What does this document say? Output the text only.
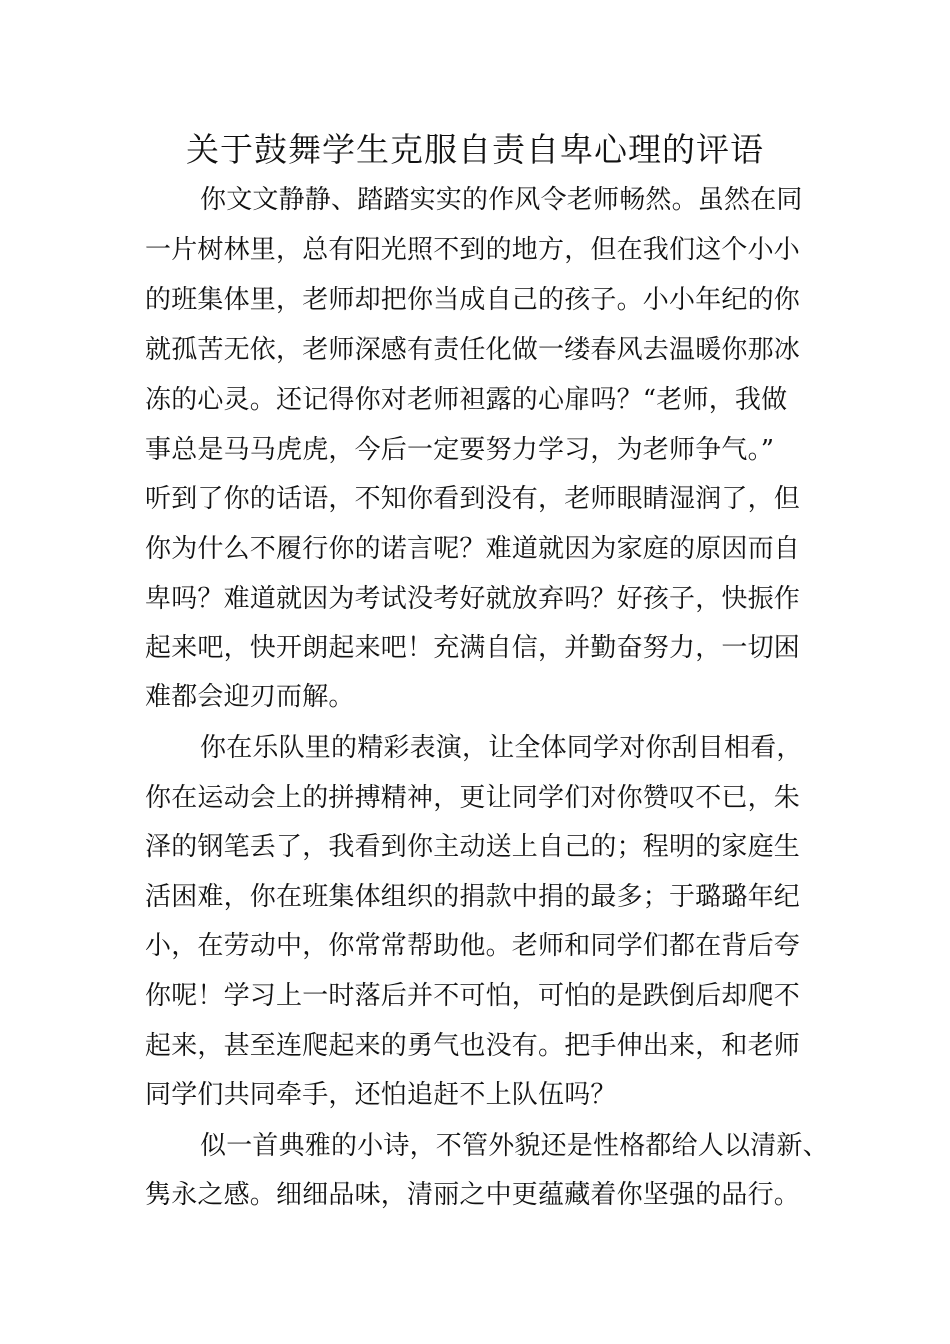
关于鼓舞学生克服自责自卑心理的评语
你文文静静、踏踏实实的作风令老师畅然。虽然在同
一片树林里，总有阳光照不到的地方，但在我们这个小小
的班集体里，老师却把你当成自己的孩子。小小年纪的你
就孤苦无依，老师深感有责任化做一缕春风去温暖你那冰
冻的心灵。还记得你对老师袒露的心扉吗？“老师，我做
事总是马马虎虎，今后一定要努力学习，为老师争气。”
听到了你的话语，不知你看到没有，老师眼睛湿润了，但
你为什么不履行你的诺言呢？难道就因为家庭的原因而自
卑吗？难道就因为考试没考好就放弃吗？好孩子，快振作
起来吧，快开朗起来吧！充满自信，并勤奋努力，一切困
难都会迎刃而解。
你在乐队里的精彩表演，让全体同学对你刮目相看，
你在运动会上的拼搏精神，更让同学们对你赞叹不已，朱
泽的钢笔丢了，我看到你主动送上自己的；程明的家庭生
活困难，你在班集体组织的捐款中捐的最多；于璐璐年纪
小，在劳动中，你常常帮助他。老师和同学们都在背后夸
你呢！学习上一时落后并不可怕，可怕的是跌倒后却爬不
起来，甚至连爬起来的勇气也没有。把手伸出来，和老师
同学们共同牵手，还怕追赶不上队伍吗？
似一首典雅的小诗，不管外貌还是性格都给人以清新、
隽永之感。细细品味，清丽之中更蕴藏着你坚强的品行。
